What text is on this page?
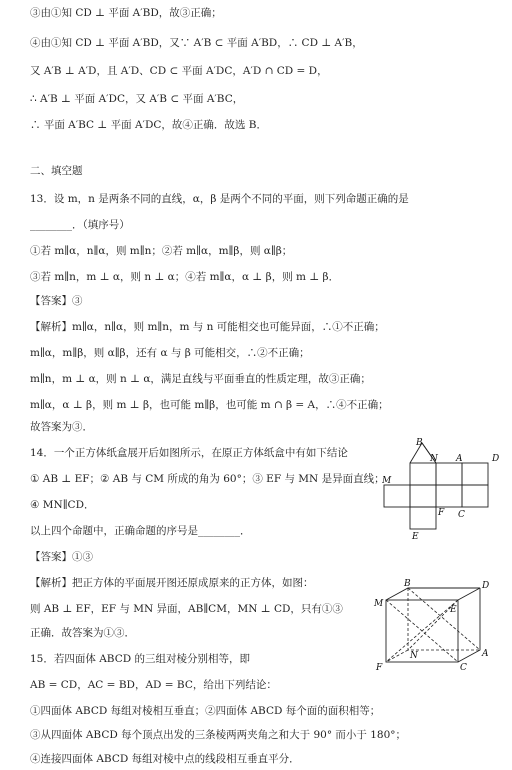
③由①知 CD ⊥ 平面 A′BD，故③正确；
④由①知 CD ⊥ 平面 A′BD，又∵ A′B ⊂ 平面 A′BD，∴ CD ⊥ A′B，
又 A′B ⊥ A′D，且 A′D、CD ⊂ 平面 A′DC，A′D ∩ CD = D，
∴ A′B ⊥ 平面 A′DC，又 A′B ⊂ 平面 A′BC，
∴ 平面 A′BC ⊥ 平面 A′DC，故④正确．故选 B．
二、填空题
13．设 m，n 是两条不同的直线，α，β 是两个不同的平面，则下列命题正确的是
________．（填序号）
①若 m∥α，n∥α，则 m∥n；②若 m∥α，m∥β，则 α∥β；
③若 m∥n，m ⊥ α，则 n ⊥ α；④若 m∥α，α ⊥ β，则 m ⊥ β．
【答案】③
【解析】m∥α，n∥α，则 m∥n，m 与 n 可能相交也可能异面，∴①不正确；
m∥α，m∥β，则 α∥β，还有 α 与 β 可能相交，∴②不正确；
m∥n，m ⊥ α，则 n ⊥ α，满足直线与平面垂直的性质定理，故③正确；
m∥α，α ⊥ β，则 m ⊥ β，也可能 m∥β，也可能 m ∩ β = A，∴④不正确；
故答案为③．
14．一个正方体纸盒展开后如图所示，在原正方体纸盒中有如下结论
① AB ⊥ EF；② AB 与 CM 所成的角为 60°；③ EF 与 MN 是异面直线；
④ MN∥CD．
以上四个命题中，正确命题的序号是________．
【答案】①③
【解析】把正方体的平面展开图还原成原来的正方体，如图：
则 AB ⊥ EF，EF 与 MN 异面，AB∥CM，MN ⊥ CD，只有①③
正确．故答案为①③．
15．若四面体 ABCD 的三组对棱分别相等，即
AB = CD，AC = BD，AD = BC，给出下列结论：
①四面体 ABCD 每组对棱相互垂直；②四面体 ABCD 每个面的面积相等；
③从四面体 ABCD 每个顶点出发的三条棱两两夹角之和大于 90° 而小于 180°；
④连接四面体 ABCD 每组对棱中点的线段相互垂直平分．
B
N A	D
M
F C
E
B	D
M
E
N	A
F	C
